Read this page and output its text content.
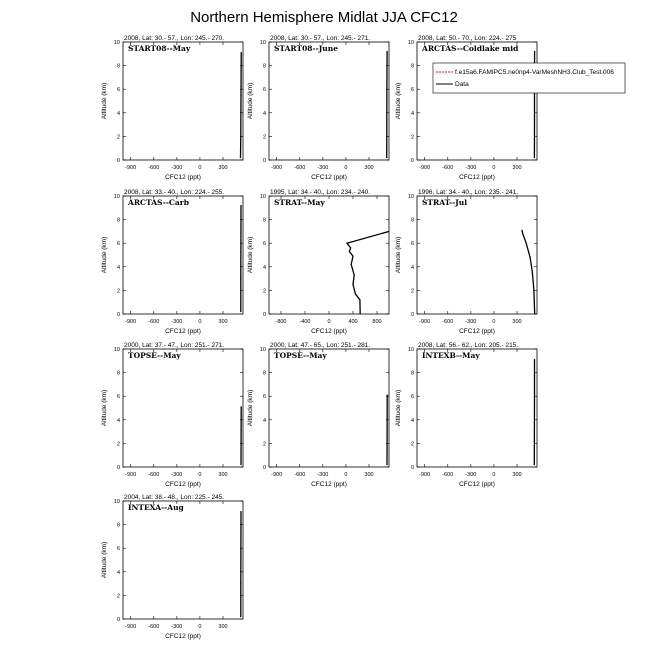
Northern Hemisphere Midlat JJA CFC12
2008, Lat: 30.- 57., Lon: 245.- 270.
START08--May
-900 -600 -300	0	300
0
2
4
6
8
10
CFC12 (ppt)
Altitude (km)
2008, Lat: 30.- 57., Lon: 245.- 271.
START08--June
-900 -600 -300	0	300
0
2
4
6
8
10
CFC12 (ppt)
Altitude (km)
2008, Lat: 50.- 70., Lon: 224.- 275
ARCTAS--Coldlake mid
-900 -600 -300	0	300
0
2
4
6
8
10
CFC12 (ppt)
Altitude (km)
2008, Lat: 33.- 40., Lon: 224.- 255.
ARCTAS--Carb
-900 -600 -300	0	300
0
2
4
6
8
10
CFC12 (ppt)
Altitude (km)
1995, Lat: 34.- 40., Lon: 234.- 240.
STRAT--May
-800 -400	0	400	800
0
2
4
6
8
10
CFC12 (ppt)
Altitude (km)
1996, Lat: 34.- 40., Lon: 235.- 241.
STRAT--Jul
-900 -600 -300	0	300
0
2
4
6
8
10
CFC12 (ppt)
Altitude (km)
2000, Lat: 37.- 47., Lon: 251.- 271.
TOPSE--May
-900 -600 -300	0	300
0
2
4
6
8
10
CFC12 (ppt)
Altitude (km)
2000, Lat: 47.- 65., Lon: 251.- 281.
TOPSE--May
-900 -600 -300	0	300
0
2
4
6
8
10
CFC12 (ppt)
Altitude (km)
2008, Lat: 56.- 62., Lon: 205.- 215.
INTEXB--May
-900 -600 -300	0	300
0
2
4
6
8
10
CFC12 (ppt)
Altitude (km)
2004, Lat: 38.- 48., Lon: 225.- 245.
INTEXA--Aug
-900 -600 -300	0	300
0
2
4
6
8
10
CFC12 (ppt)
Altitude (km)
f.e15a6.FAMIPC5.ne0np4-VarMeshNH3.Club_Test.006
Data
